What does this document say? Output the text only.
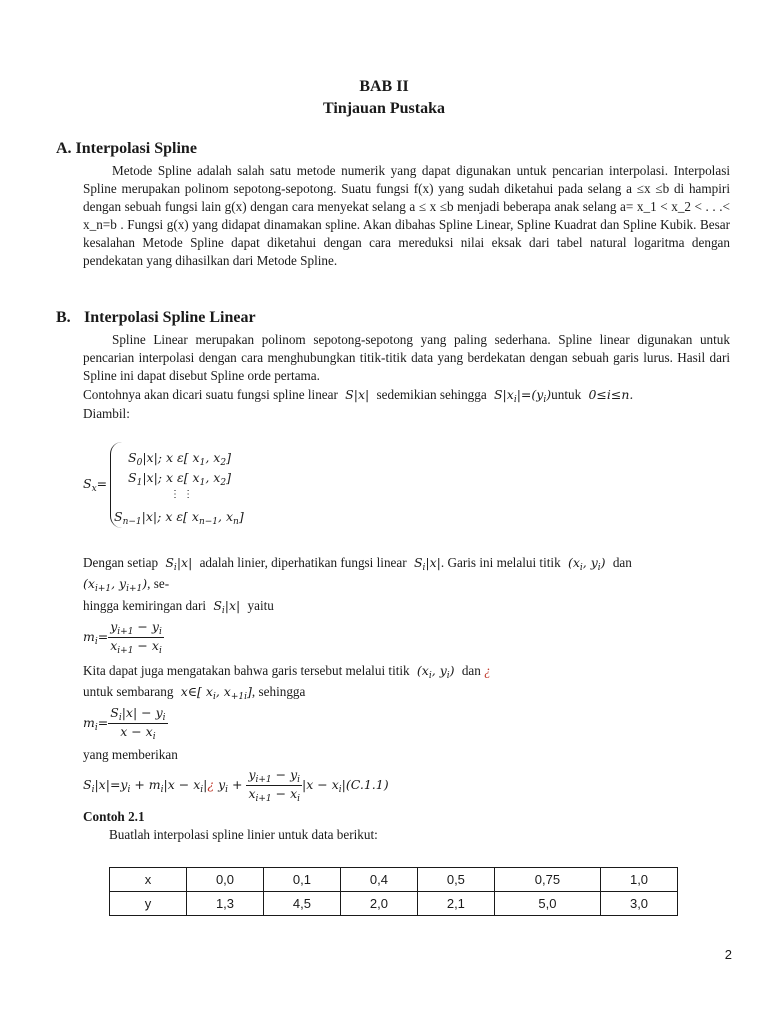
BAB II
Tinjauan Pustaka
A. Interpolasi Spline
Metode Spline adalah salah satu metode numerik yang dapat digunakan untuk pencarian interpolasi. Interpolasi Spline merupakan polinom sepotong-sepotong. Suatu fungsi f(x) yang sudah diketahui pada selang a ≤x ≤b di hampiri dengan sebuah fungsi lain g(x) dengan cara menyekat selang a ≤ x ≤b menjadi beberapa anak selang a= x_1 < x_2 < . . .< x_n=b . Fungsi g(x) yang didapat dinamakan spline. Akan dibahas Spline Linear, Spline Kuadrat dan Spline Kubik. Besar kesalahan Metode Spline dapat diketahui dengan cara mereduksi nilai eksak dari tabel natural logaritma dengan pendekatan yang dihasilkan dari Metode Spline.
B. Interpolasi Spline Linear
Spline Linear merupakan polinom sepotong-sepotong yang paling sederhana. Spline linear digunakan untuk pencarian interpolasi dengan cara menghubungkan titik-titik data yang berdekatan dengan sebuah garis lurus. Hasil dari Spline ini dapat disebut Spline orde pertama.
Contohnya akan dicari suatu fungsi spline linear  S|x|  sedemikian sehingga  $S|x_i|=(y_i)untuk$  0≤i≤n.
Diambil:
$S_x=$
$S_0|x|$; x ε[ $x_1$, $x_2$]
$S_1|x|$; x ε[ $x_1$, $x_2$]
⋮ ⋮
$S_{n-1}|x|$; x ε[ $x_{n-1}$, $x_n$]
Dengan setiap  $S_i|x|$  adalah linier, diperhatikan fungsi linear  $S_i|x|$. Garis ini melalui titik  ($x_i$, $y_i$)  dan
($x_{i+1}$, $y_{i+1}$), se-
hingga kemiringan dari  $S_i|x|$  yaitu
$m_i= \frac{y_{i+1} - y_i}{x_{i+1} - x_i}$
Kita dapat juga mengatakan bahwa garis tersebut melalui titik  ($x_i$, $y_i$)  dan ¿
untuk sembarang  x∈[ $x_i$, $x_{+1i}$], sehingga
$m_i= \frac{S_i|x| - y_i}{x - x_i}$
yang memberikan
$S_i|x|=y_i + m_i|x$ − $x_i|¿$ $y_i + \frac{y_{i+1} - y_i}{x_{i+1} - x_i} |x - x_i|(C.1.1)$
Contoh 2.1
Buatlah interpolasi spline linier untuk data berikut:
x	0,0	0,1	0,4	0,5	0,75	1,0
y	1,3	4,5	2,0	2,1	5,0	3,0
2
